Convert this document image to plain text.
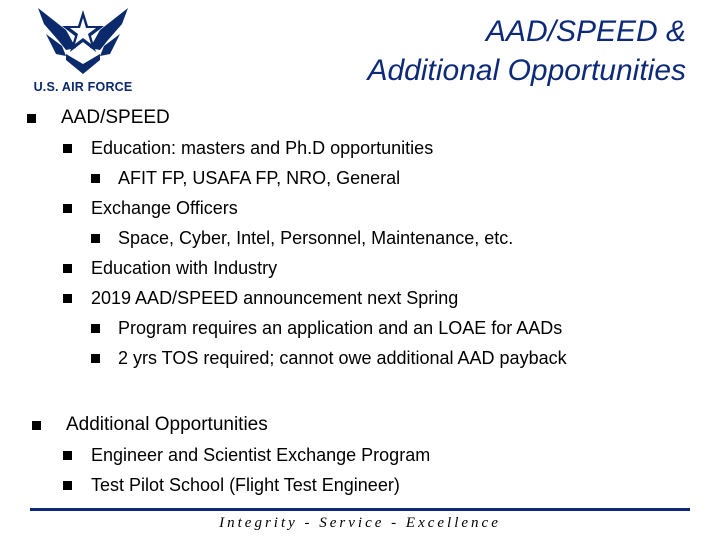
U.S. AIR FORCE
AAD/SPEED &
Additional Opportunities
AAD/SPEED
Education: masters and Ph.D opportunities
AFIT FP, USAFA FP, NRO, General
Exchange Officers
Space, Cyber, Intel, Personnel, Maintenance, etc.
Education with Industry
2019 AAD/SPEED announcement next Spring
Program requires an application and an LOAE for AADs
2 yrs TOS required; cannot owe additional AAD payback
Additional Opportunities
Engineer and Scientist Exchange Program
Test Pilot School (Flight Test Engineer)
Integrity - Service - Excellence
